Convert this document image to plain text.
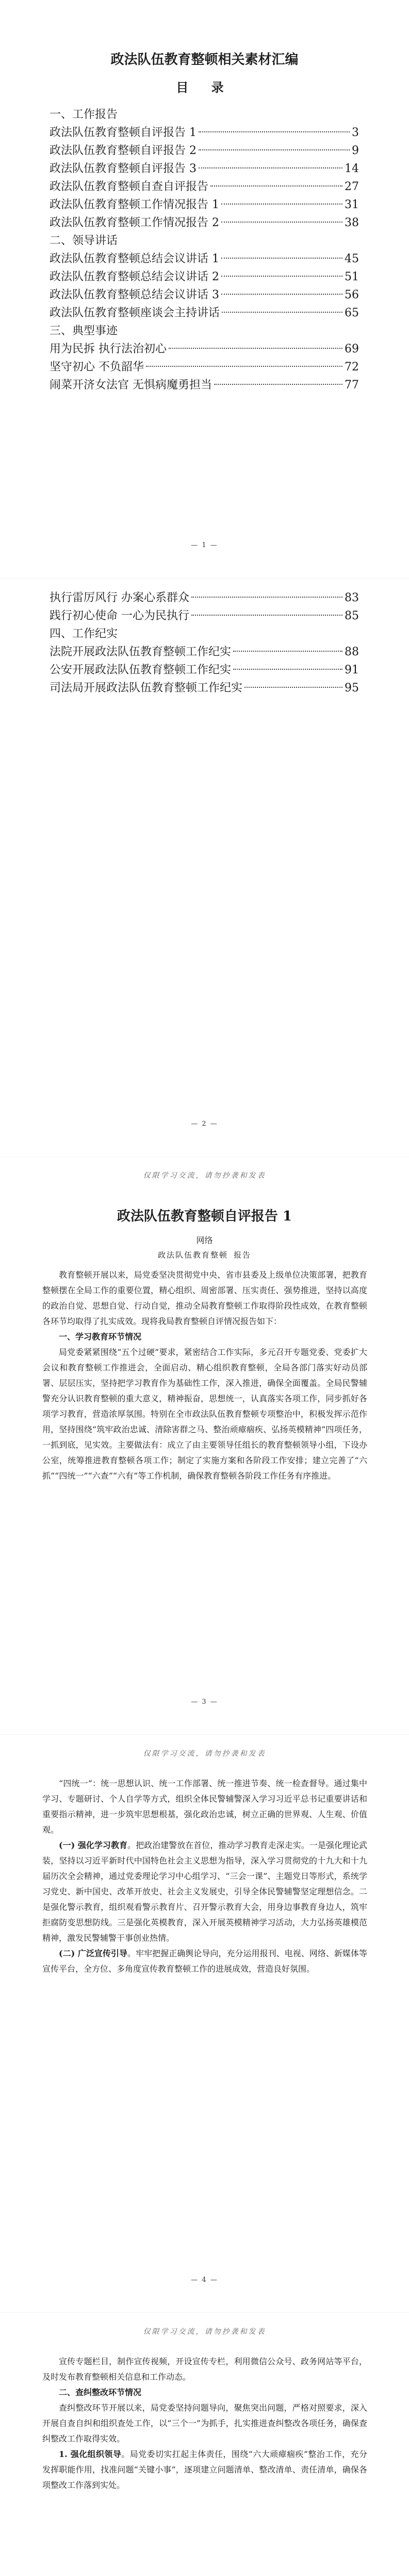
政法队伍教育整顿相关素材汇编
目 录
一、工作报告
政法队伍教育整顿自评报告 1	3
政法队伍教育整顿自评报告 2	9
政法队伍教育整顿自评报告 3	14
政法队伍教育整顿自查自评报告	27
政法队伍教育整顿工作情况报告 1	31
政法队伍教育整顿工作情况报告 2	38
二、领导讲话
政法队伍教育整顿总结会议讲话 1	45
政法队伍教育整顿总结会议讲话 2	51
政法队伍教育整顿总结会议讲话 3	56
政法队伍教育整顿座谈会主持讲话	65
三、典型事迹
用为民拆 执行法治初心	69
坚守初心 不负韶华	72
闹菜开济女法官 无惧病魔勇担当	77
— 1 —
执行雷厉风行 办案心系群众	83
践行初心使命 一心为民执行	85
四、工作纪实
法院开展政法队伍教育整顿工作纪实	88
公安开展政法队伍教育整顿工作纪实	91
司法局开展政法队伍教育整顿工作纪实	95
— 2 —
仅限学习交流，请勿抄袭和发表
政法队伍教育整顿自评报告 1
网络
政法队伍教育整顿 报告

教育整顿开展以来，局党委坚决贯彻党中央、省市县委及上级单位决策部署，把教育整顿摆在全局工作的重要位置，精心组织、周密部署、压实责任、强势推进，坚持以高度的政治自觉、思想自觉、行动自觉，推动全局教育整顿工作取得阶段性成效，在教育整顿各环节均取得了扎实成效。现将我局教育整顿自评情况报告如下：

一、学习教育环节情况

局党委紧紧围绕“五个过硬”要求，紧密结合工作实际，多元召开专题党委、党委扩大会议和教育整顿工作推进会，全面启动、精心组织教育整顿，全局各部门落实好动员部署、层层压实，坚持把学习教育作为基础性工作，深入推进，确保全面覆盖。全局民警辅警充分认识教育整顿的重大意义，精神振奋，思想统一，认真落实各项工作，同步抓好各项学习教育，营造浓厚氛围。特别在全市政法队伍教育整顿专项整治中，积极发挥示范作用，坚持围绕“筑牢政治忠诚、清除害群之马、整治顽瘴痼疾、弘扬英模精神”四项任务，一抓到底，见实效。主要做法有：成立了由主要领导任组长的教育整顿领导小组，下设办公室，统筹推进教育整顿各项工作；制定了实施方案和各阶段工作安排；建立完善了“六抓”“四统一”“六查”“六有”等工作机制，确保教育整顿各阶段工作任务有序推进。

— 3 —
仅限学习交流，请勿抄袭和发表

“四统一”：统一思想认识、统一工作部署、统一推进节奏、统一检查督导。通过集中学习、专题研讨、个人自学等方式，组织全体民警辅警深入学习习近平总书记重要讲话和重要指示精神，进一步筑牢思想根基，强化政治忠诚，树立正确的世界观、人生观、价值观。

(一) 强化学习教育。把政治建警放在首位，推动学习教育走深走实。一是强化理论武装，坚持以习近平新时代中国特色社会主义思想为指导，深入学习贯彻党的十九大和十九届历次全会精神，通过党委理论学习中心组学习、“三会一课”、主题党日等形式，系统学习党史、新中国史、改革开放史、社会主义发展史，引导全体民警辅警坚定理想信念。二是强化警示教育，组织观看警示教育片、召开警示教育大会，用身边事教育身边人，筑牢拒腐防变思想防线。三是强化英模教育，深入开展英模精神学习活动，大力弘扬英雄模范精神，激发民警辅警干事创业热情。

(二) 广泛宣传引导。牢牢把握正确舆论导向，充分运用报刊、电视、网络、新媒体等宣传平台，全方位、多角度宣传教育整顿工作的进展成效，营造良好氛围。

— 4 —
仅限学习交流，请勿抄袭和发表

宣传专题栏目，制作宣传视频，开设宣传专栏，利用微信公众号、政务网站等平台，及时发布教育整顿相关信息和工作动态。

二、查纠整改环节情况

查纠整改环节开展以来，局党委坚持问题导向，聚焦突出问题，严格对照要求，深入开展自查自纠和组织查处工作，以“三个一”为抓手，扎实推进查纠整改各项任务，确保查纠整改工作取得实效。

1. 强化组织领导。局党委切实扛起主体责任，围绕“六大顽瘴痼疾”整治工作，充分发挥职能作用，找准问题“关键小事”，逐项建立问题清单、整改清单、责任清单，确保各项整改工作落到实处。
